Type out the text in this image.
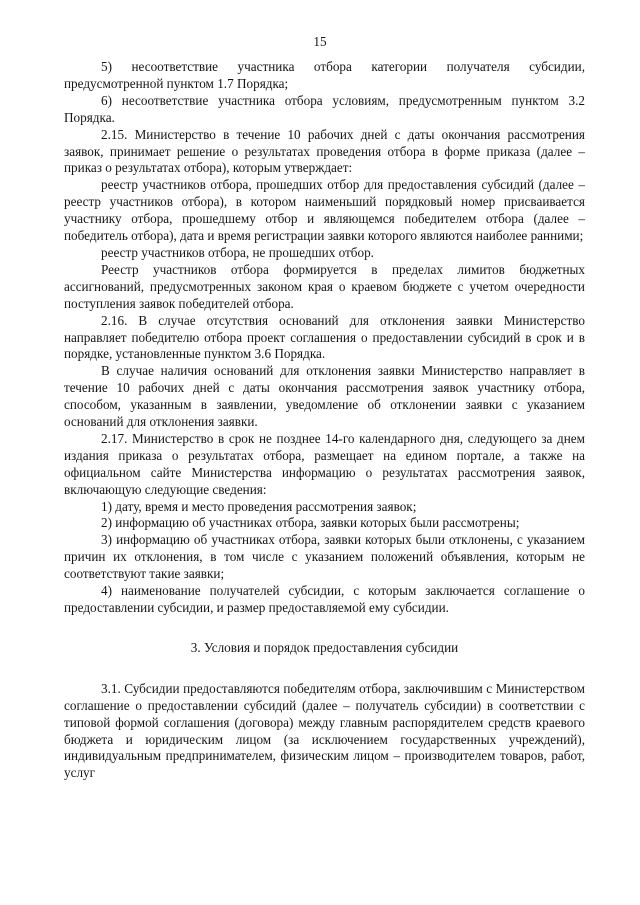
15

5) несоответствие участника отбора категории получателя субсидии, предусмотренной пунктом 1.7 Порядка;

6) несоответствие участника отбора условиям, предусмотренным пунктом 3.2 Порядка.

2.15. Министерство в течение 10 рабочих дней с даты окончания рассмотрения заявок, принимает решение о результатах проведения отбора в форме приказа (далее – приказ о результатах отбора), которым утверждает:

реестр участников отбора, прошедших отбор для предоставления субсидий (далее – реестр участников отбора), в котором наименьший порядковый номер присваивается участнику отбора, прошедшему отбор и являющемся победителем отбора (далее – победитель отбора), дата и время регистрации заявки которого являются наиболее ранними;

реестр участников отбора, не прошедших отбор.

Реестр участников отбора формируется в пределах лимитов бюджетных ассигнований, предусмотренных законом края о краевом бюджете с учетом очередности поступления заявок победителей отбора.

2.16. В случае отсутствия оснований для отклонения заявки Министерство направляет победителю отбора проект соглашения о предоставлении субсидий в срок и в порядке, установленные пунктом 3.6 Порядка.

В случае наличия оснований для отклонения заявки Министерство направляет в течение 10 рабочих дней с даты окончания рассмотрения заявок участнику отбора, способом, указанным в заявлении, уведомление об отклонении заявки с указанием оснований для отклонения заявки.

2.17. Министерство в срок не позднее 14-го календарного дня, следующего за днем издания приказа о результатах отбора, размещает на едином портале, а также на официальном сайте Министерства информацию о результатах рассмотрения заявок, включающую следующие сведения:

1) дату, время и место проведения рассмотрения заявок;

2) информацию об участниках отбора, заявки которых были рассмотрены;

3) информацию об участниках отбора, заявки которых были отклонены, с указанием причин их отклонения, в том числе с указанием положений объявления, которым не соответствуют такие заявки;

4) наименование получателей субсидии, с которым заключается соглашение о предоставлении субсидии, и размер предоставляемой ему субсидии.

3. Условия и порядок предоставления субсидии

3.1. Субсидии предоставляются победителям отбора, заключившим с Министерством соглашение о предоставлении субсидий (далее – получатель субсидии) в соответствии с типовой формой соглашения (договора) между главным распорядителем средств краевого бюджета и юридическим лицом (за исключением государственных учреждений), индивидуальным предпринимателем, физическим лицом – производителем товаров, работ, услуг
